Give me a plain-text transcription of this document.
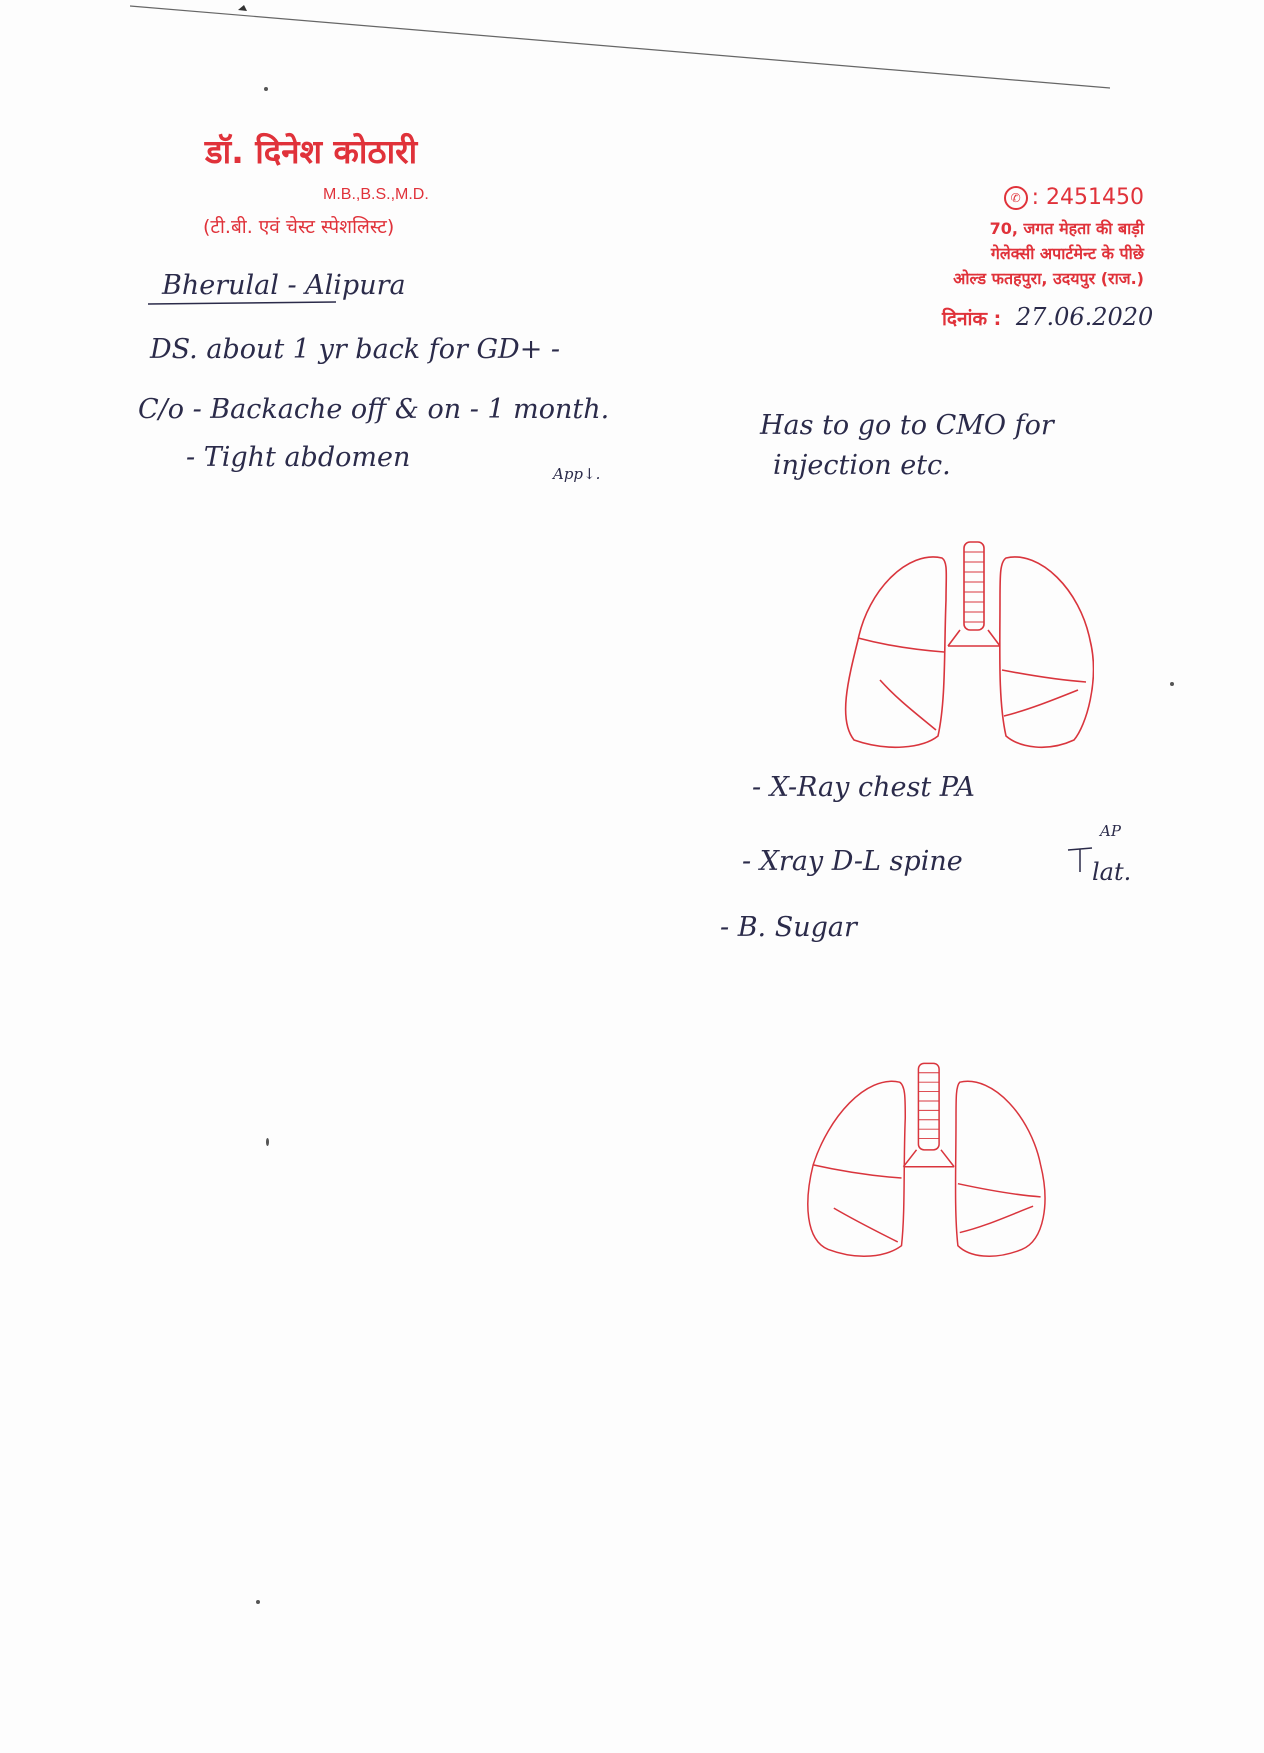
डॉ. दिनेश कोठारी
M.B.,B.S.,M.D.
(टी.बी. एवं चेस्ट स्पेशलिस्ट)
✆ : 2451450
70, जगत मेहता की बाड़ी
गेलेक्सी अपार्टमेन्ट के पीछे
ओल्ड फतहपुरा, उदयपुर (राज.)
दिनांक : 27.06.2020
Bherulal - Alipura
DS. about 1 yr back for GD+ -
C/o - Backache off & on - 1 month.
Has to go to CMO for
- Tight abdomen
App↓.	injection etc.
- X-Ray chest PA
- Xray D-L spine
AP
lat.
- B. Sugar
